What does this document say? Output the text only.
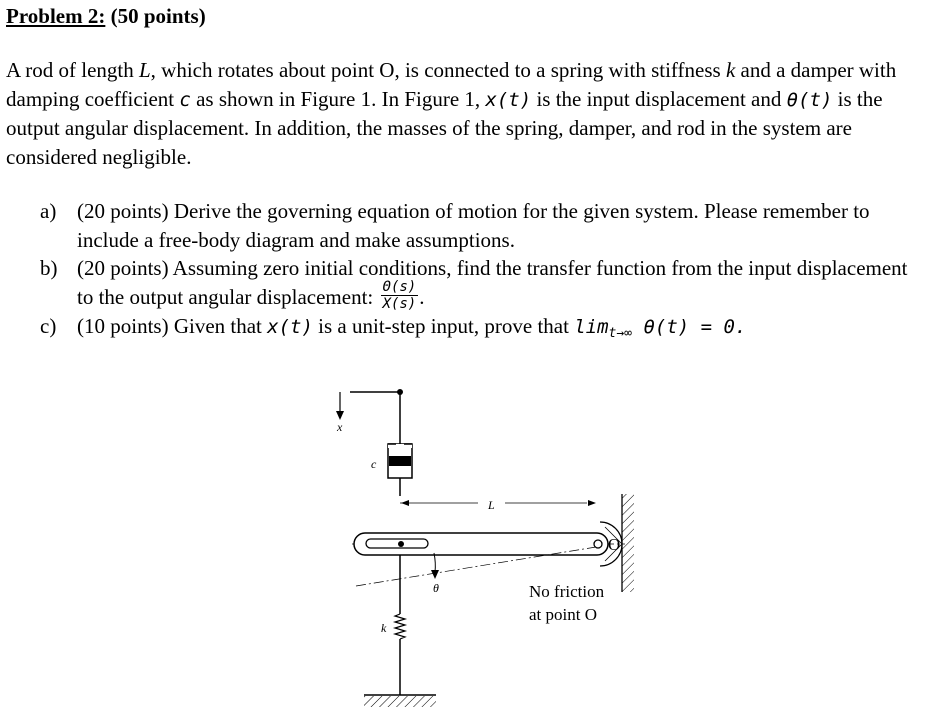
Problem 2: (50 points)

A rod of length L, which rotates about point O, is connected to a spring with stiffness k and a damper with damping coefficient c as shown in Figure 1. In Figure 1, x(t) is the input displacement and θ(t) is the output angular displacement. In addition, the masses of the spring, damper, and rod in the system are considered negligible.

a) (20 points) Derive the governing equation of motion for the given system. Please remember to include a free-body diagram and make assumptions.
b) (20 points) Assuming zero initial conditions, find the transfer function from the input displacement to the output angular displacement: $\frac{\Theta(s)}{X(s)}$ .
c) (10 points) Given that x(t) is a unit-step input, prove that $\lim_{t\to\infty} \theta(t) = 0$.
x
c
L
O
θ
k
No friction
at point O
